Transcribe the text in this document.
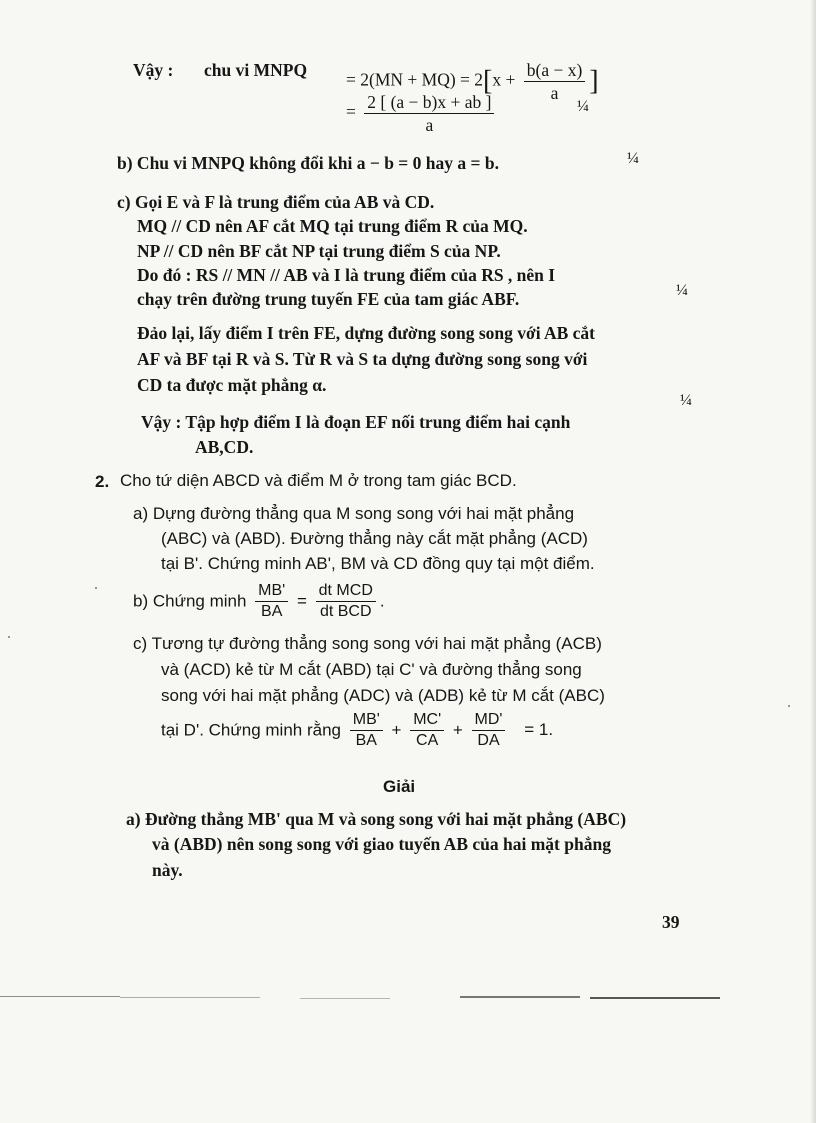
Vậy : chu vi MNPQ = $2(MN + MQ) = 2[x + \frac{b(a - x)}{a}$ ]
= $\frac{2 [ (a - b)x + ab ]}{a}$	¼
b) Chu vi MNPQ không đổi khi a − b = 0 hay a = b.	¼
c) Gọi E và F là trung điểm của AB và CD.
MQ // CD nên AF cắt MQ tại trung điểm R của MQ.
NP // CD nên BF cắt NP tại trung điểm S của NP.
Do đó : RS // MN // AB và I là trung điểm của RS , nên I
chạy trên đường trung tuyến FE của tam giác ABF.	¼
Đảo lại, lấy điểm I trên FE, dựng đường song song với AB cắt
AF và BF tại R và S. Từ R và S ta dựng đường song song với
CD ta được mặt phẳng α.
¼
Vậy : Tập hợp điểm I là đoạn EF nối trung điểm hai cạnh
AB,CD.
2. Cho tứ diện ABCD và điểm M ở trong tam giác BCD.
a) Dựng đường thẳng qua M song song với hai mặt phẳng
(ABC) và (ABD). Đường thẳng này cắt mặt phẳng (ACD)
tại B'. Chứng minh AB', BM và CD đồng quy tại một điểm.
b) Chứng minh $\frac{MB'}{BA} = \frac{\text{dt MCD}}{\text{dt BCD}}$ .
c) Tương tự đường thẳng song song với hai mặt phẳng (ACB)
và (ACD) kẻ từ M cắt (ABD) tại C' và đường thẳng song
song với hai mặt phẳng (ADC) và (ADB) kẻ từ M cắt (ABC)
tại D'. Chứng minh rằng $\frac{MB'}{BA} + \frac{MC'}{CA} + \frac{MD'}{DA} = 1$.
Giải
a) Đường thẳng MB' qua M và song song với hai mặt phẳng (ABC)
và (ABD) nên song song với giao tuyến AB của hai mặt phẳng
này.
39
